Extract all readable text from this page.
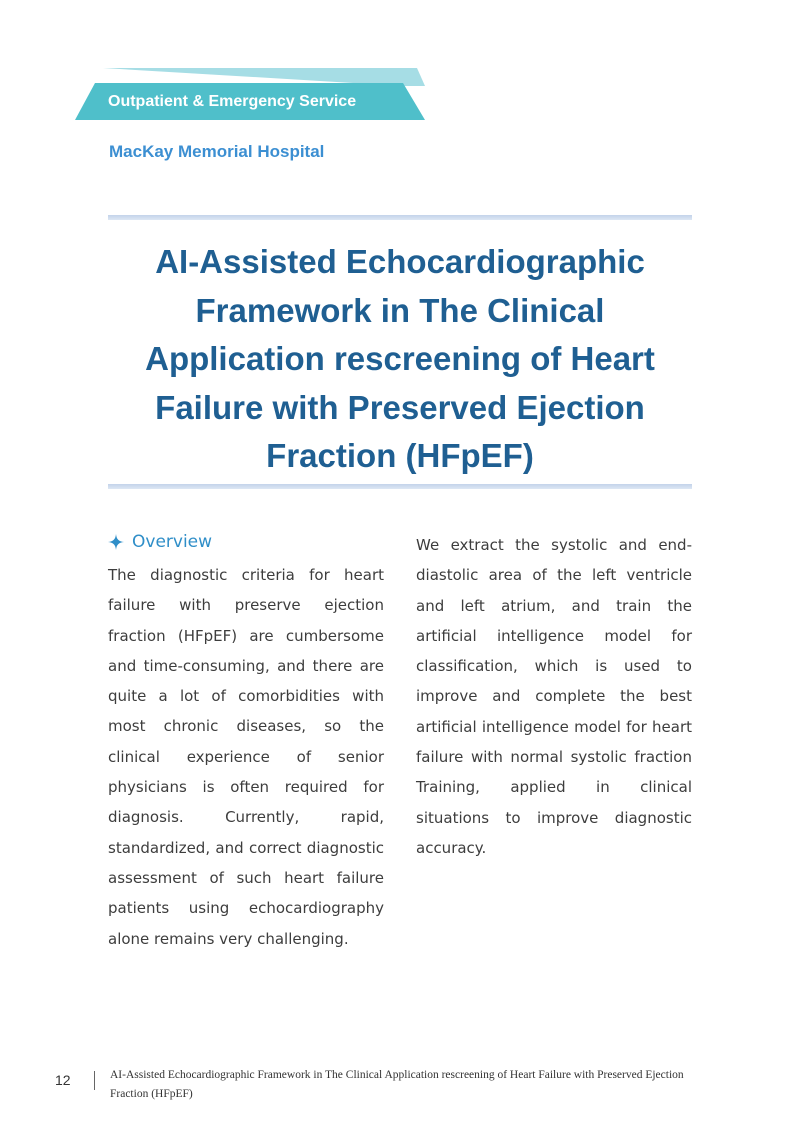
Outpatient & Emergency Service
MacKay Memorial Hospital
AI-Assisted Echocardiographic Framework in The Clinical Application rescreening of Heart Failure with Preserved Ejection Fraction (HFpEF)
Overview

The diagnostic criteria for heart failure with preserve ejection fraction (HFpEF) are cumbersome and time-consuming, and there are quite a lot of comorbidities with most chronic diseases, so the clinical experience of senior physicians is often required for diagnosis. Currently, rapid, standardized, and correct diagnostic assessment of such heart failure patients using echocardiography alone remains very challenging.

We extract the systolic and end-diastolic area of the left ventricle and left atrium, and train the artificial intelligence model for classification, which is used to improve and complete the best artificial intelligence model for heart failure with normal systolic fraction Training, applied in clinical situations to improve diagnostic accuracy.

12	AI-Assisted Echocardiographic Framework in The Clinical Application rescreening of Heart Failure with Preserved Ejection Fraction (HFpEF)
